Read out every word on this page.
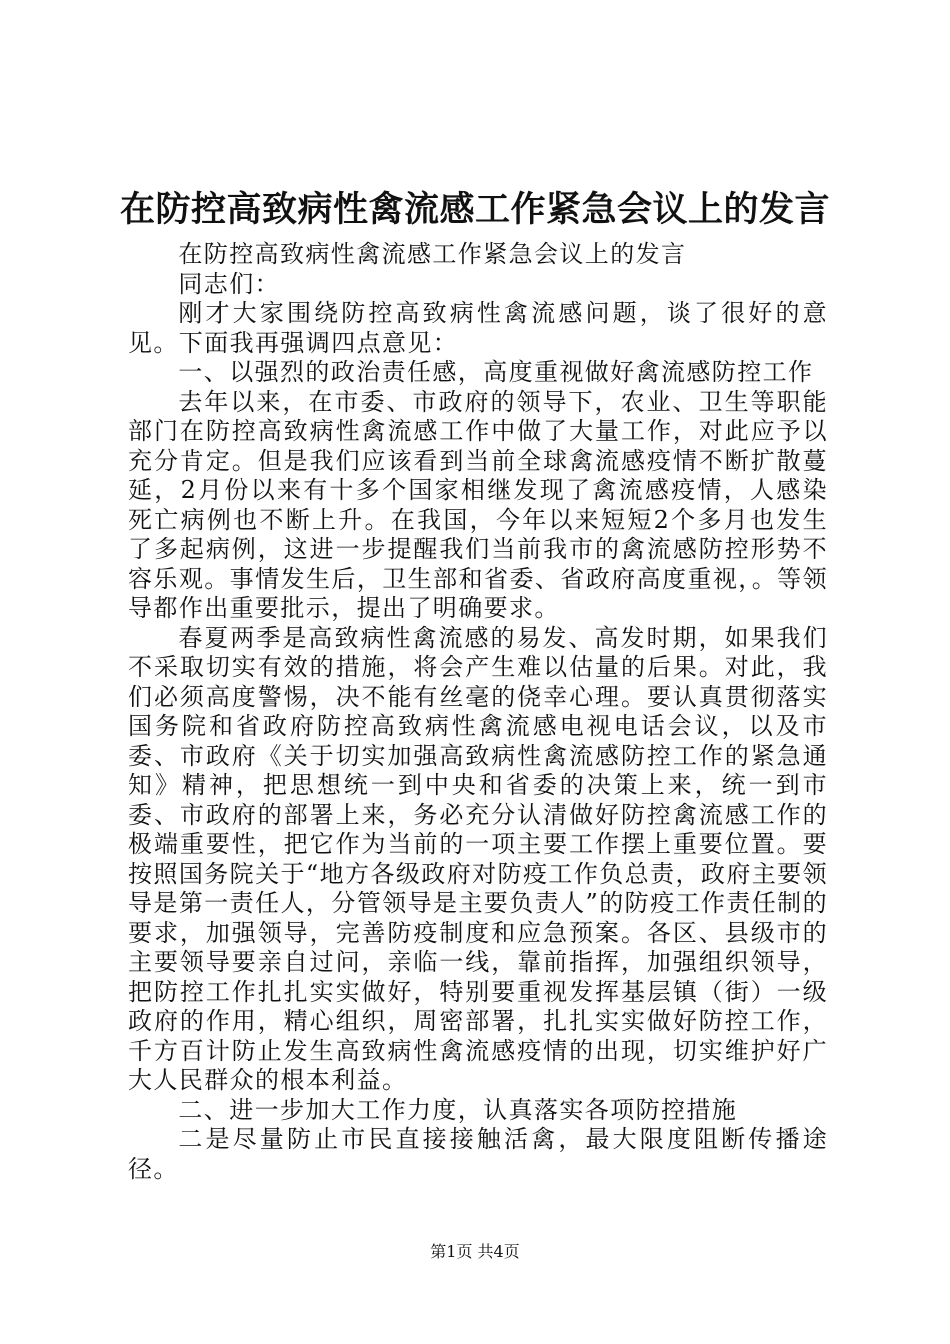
在防控高致病性禽流感工作紧急会议上的发言

在防控高致病性禽流感工作紧急会议上的发言

同志们：

刚才大家围绕防控高致病性禽流感问题，谈了很好的意见。下面我再强调四点意见：

一、以强烈的政治责任感，高度重视做好禽流感防控工作

去年以来，在市委、市政府的领导下，农业、卫生等职能部门在防控高致病性禽流感工作中做了大量工作，对此应予以充分肯定。但是我们应该看到当前全球禽流感疫情不断扩散蔓延，2月份以来有十多个国家相继发现了禽流感疫情，人感染死亡病例也不断上升。在我国，今年以来短短2个多月也发生了多起病例，这进一步提醒我们当前我市的禽流感防控形势不容乐观。事情发生后，卫生部和省委、省政府高度重视，。等领导都作出重要批示，提出了明确要求。

春夏两季是高致病性禽流感的易发、高发时期，如果我们不采取切实有效的措施，将会产生难以估量的后果。对此，我们必须高度警惕，决不能有丝毫的侥幸心理。要认真贯彻落实国务院和省政府防控高致病性禽流感电视电话会议，以及市委、市政府《关于切实加强高致病性禽流感防控工作的紧急通知》精神，把思想统一到中央和省委的决策上来，统一到市委、市政府的部署上来，务必充分认清做好防控禽流感工作的极端重要性，把它作为当前的一项主要工作摆上重要位置。要按照国务院关于“地方各级政府对防疫工作负总责，政府主要领导是第一责任人，分管领导是主要负责人”的防疫工作责任制的要求，加强领导，完善防疫制度和应急预案。各区、县级市的主要领导要亲自过问，亲临一线，靠前指挥，加强组织领导，把防控工作扎扎实实做好，特别要重视发挥基层镇（街）一级政府的作用，精心组织，周密部署，扎扎实实做好防控工作，千方百计防止发生高致病性禽流感疫情的出现，切实维护好广大人民群众的根本利益。

二、进一步加大工作力度，认真落实各项防控措施

二是尽量防止市民直接接触活禽，最大限度阻断传播途径。

第1页 共4页
